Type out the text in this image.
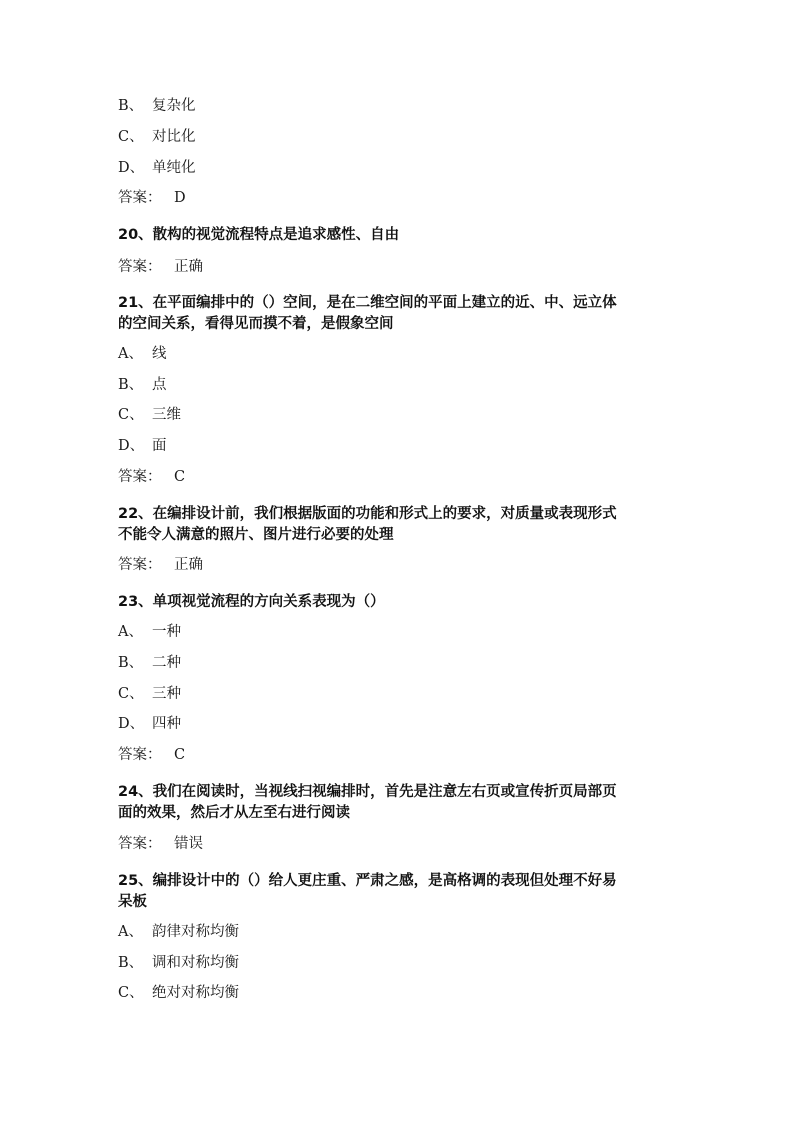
B、 复杂化
C、 对比化
D、 单纯化
答案： D
20、散构的视觉流程特点是追求感性、自由
答案： 正确
21、在平面编排中的（）空间，是在二维空间的平面上建立的近、中、远立体
的空间关系，看得见而摸不着，是假象空间
A、 线
B、 点
C、 三维
D、 面
答案： C
22、在编排设计前，我们根据版面的功能和形式上的要求，对质量或表现形式
不能令人满意的照片、图片进行必要的处理
答案： 正确
23、单项视觉流程的方向关系表现为（）
A、 一种
B、 二种
C、 三种
D、 四种
答案： C
24、我们在阅读时，当视线扫视编排时，首先是注意左右页或宣传折页局部页
面的效果，然后才从左至右进行阅读
答案： 错误
25、编排设计中的（）给人更庄重、严肃之感，是高格调的表现但处理不好易
呆板
A、 韵律对称均衡
B、 调和对称均衡
C、 绝对对称均衡
